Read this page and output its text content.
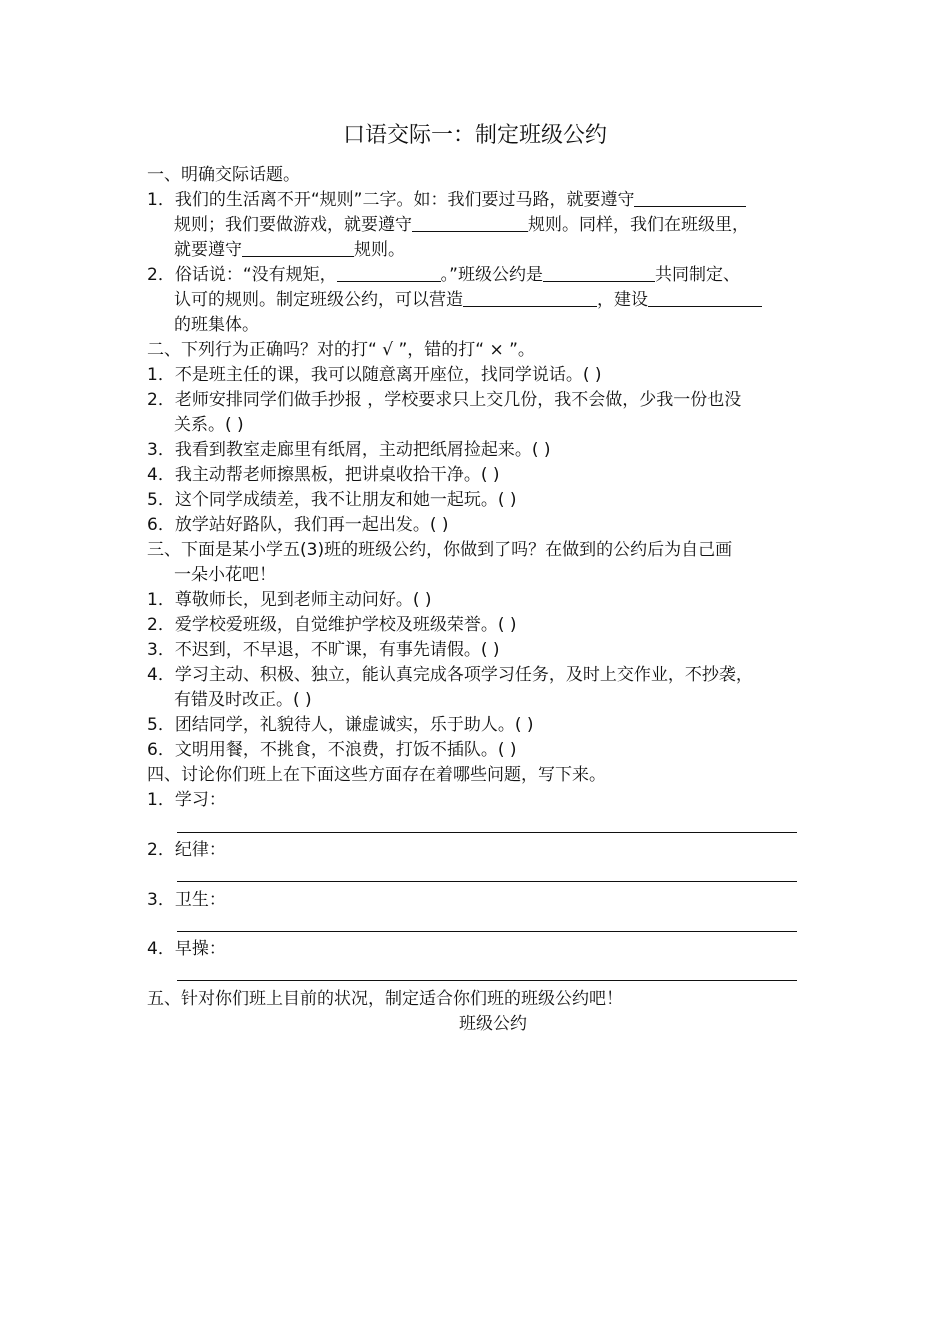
口语交际一：制定班级公约
一、明确交际话题。
1．我们的生活离不开“规则”二字。如：我们要过马路，就要遵守
规则；我们要做游戏，就要遵守	规则。同样，我们在班级里，
就要遵守	规则。
2．俗话说：“没有规矩，	。”班级公约是	共同制定、
认可的规则。制定班级公约，可以营造	，建设
的班集体。
二、下列行为正确吗？对的打“ √ ”，错的打“ × ”。
1．不是班主任的课，我可以随意离开座位，找同学说话。( )
2．老师安排同学们做手抄报 ，学校要求只上交几份，我不会做，少我一份也没
关系。( )
3．我看到教室走廊里有纸屑，主动把纸屑捡起来。( )
4．我主动帮老师擦黑板，把讲桌收拾干净。( )
5．这个同学成绩差，我不让朋友和她一起玩。( )
6．放学站好路队，我们再一起出发。( )
三、下面是某小学五(3)班的班级公约，你做到了吗？在做到的公约后为自己画
一朵小花吧！
1．尊敬师长，见到老师主动问好。( )
2．爱学校爱班级，自觉维护学校及班级荣誉。( )
3．不迟到，不早退，不旷课，有事先请假。( )
4．学习主动、积极、独立，能认真完成各项学习任务，及时上交作业，不抄袭，
有错及时改正。( )
5．团结同学，礼貌待人，谦虚诚实，乐于助人。( )
6．文明用餐，不挑食，不浪费，打饭不插队。( )
四、讨论你们班上在下面这些方面存在着哪些问题，写下来。
1．学习：
2．纪律：
3．卫生：
4．早操：
五、针对你们班上目前的状况，制定适合你们班的班级公约吧！
班级公约
